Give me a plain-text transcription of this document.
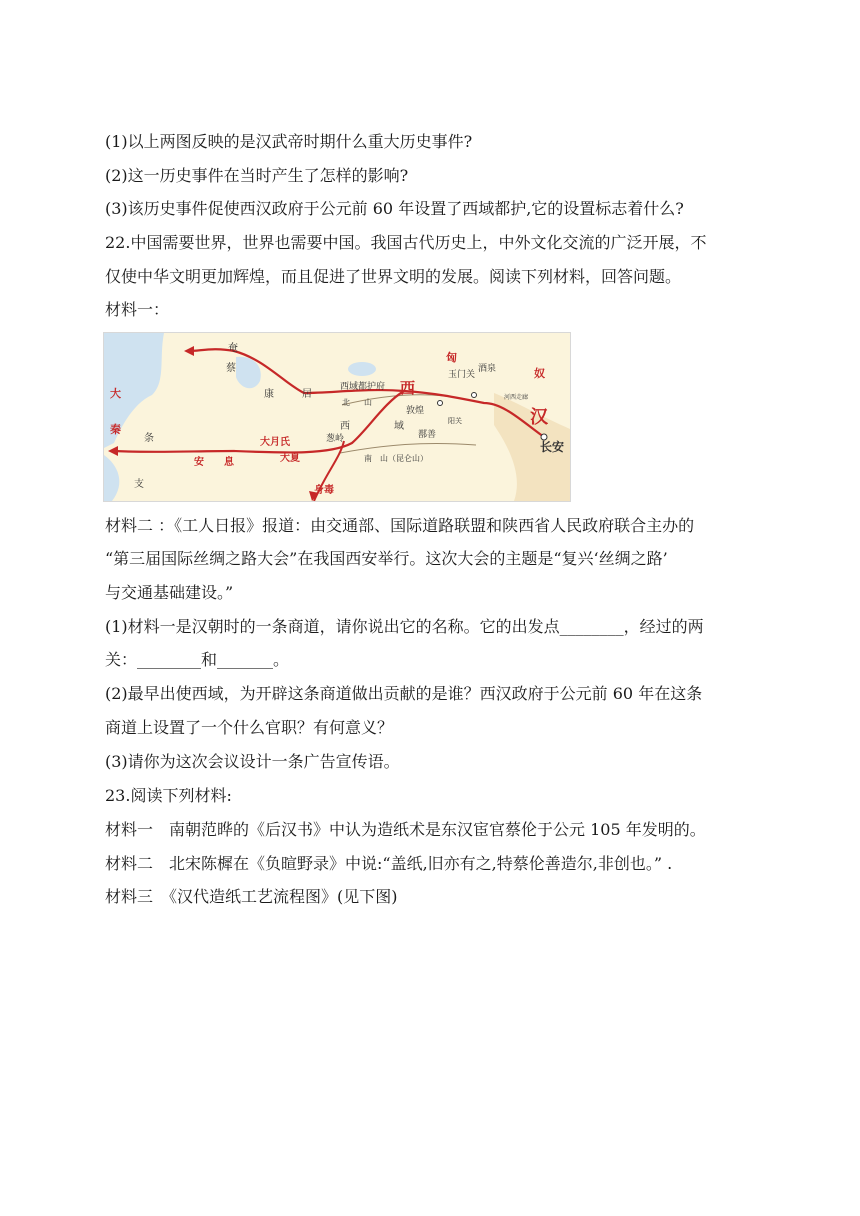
(1)以上两图反映的是汉武帝时期什么重大历史事件?
(2)这一历史事件在当时产生了怎样的影响?
(3)该历史事件促使西汉政府于公元前 60 年设置了西域都护,它的设置标志着什么?
22.中国需要世界，世界也需要中国。我国古代历史上，中外文化交流的广泛开展，不
仅使中华文明更加辉煌，而且促进了世界文明的发展。阅读下列材料，回答问题。
材料一：
奄
蔡
康	居
西域都护府
北 山
西
敦煌
玉门关
酒泉
阳关
鄯善
西	域
河西走廊
匈
奴
汉
长安
大
秦
条
支
安 息
大月氏
大夏
葱岭
南　山（昆仑山）
身毒
材料二 ：《工人日报》报道：由交通部、国际道路联盟和陕西省人民政府联合主办的
“第三届国际丝绸之路大会”在我国西安举行。这次大会的主题是“复兴‘丝绸之路’
与交通基础建设。”
(1)材料一是汉朝时的一条商道，请你说出它的名称。它的出发点________，经过的两
关：________和_______。
(2)最早出使西域，为开辟这条商道做出贡献的是谁？西汉政府于公元前 60 年在这条
商道上设置了一个什么官职？有何意义？
(3)请你为这次会议设计一条广告宣传语。
23.阅读下列材料:
材料一　南朝范晔的《后汉书》中认为造纸术是东汉宦官蔡伦于公元 105 年发明的。
材料二　北宋陈樨在《负暄野录》中说:“盖纸,旧亦有之,特蔡伦善造尔,非创也。” .
材料三　《汉代造纸工艺流程图》(见下图)
